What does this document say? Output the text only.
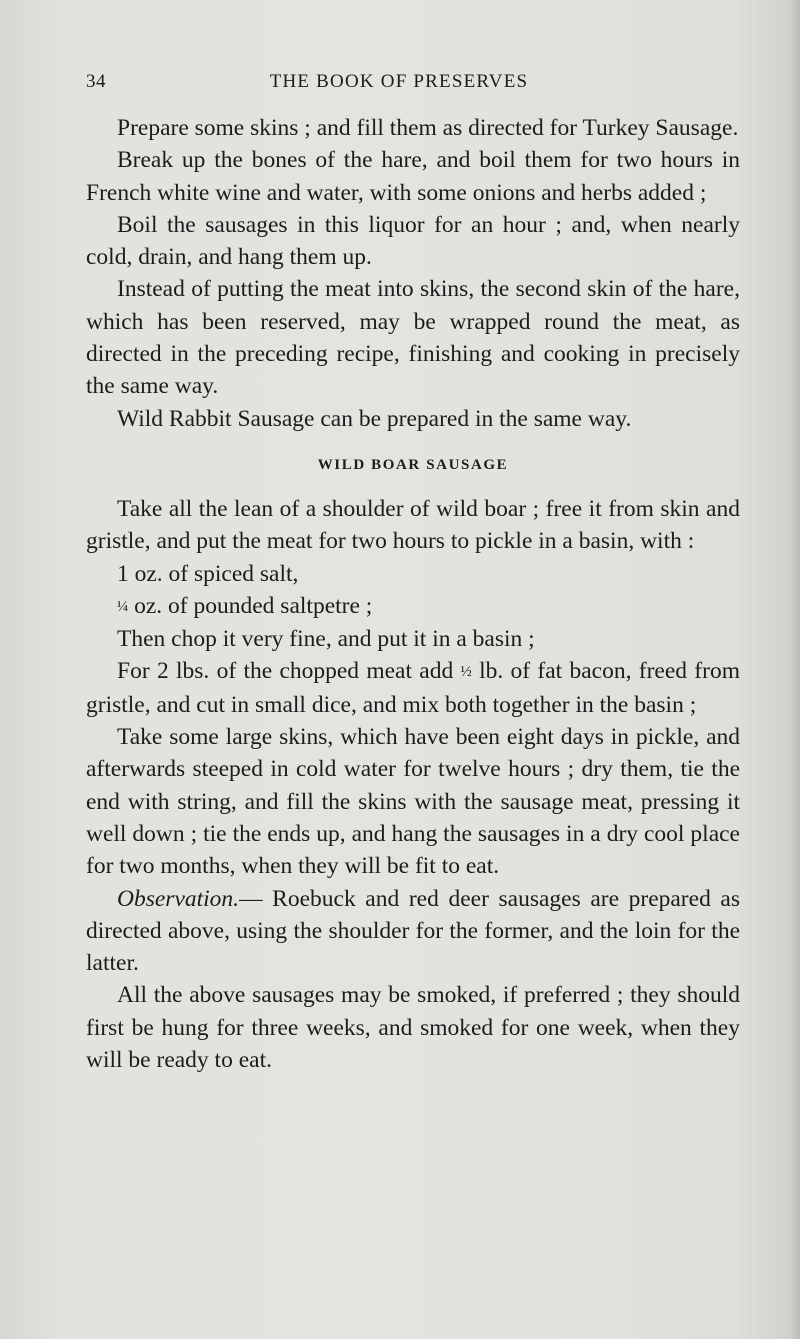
34	THE BOOK OF PRESERVES

Prepare some skins ; and fill them as directed for Turkey Sausage.

Break up the bones of the hare, and boil them for two hours in French white wine and water, with some onions and herbs added ;

Boil the sausages in this liquor for an hour ; and, when nearly cold, drain, and hang them up.

Instead of putting the meat into skins, the second skin of the hare, which has been reserved, may be wrapped round the meat, as directed in the preceding recipe, finishing and cooking in precisely the same way.

Wild Rabbit Sausage can be prepared in the same way.

WILD BOAR SAUSAGE

Take all the lean of a shoulder of wild boar ; free it from skin and gristle, and put the meat for two hours to pickle in a basin, with :

1 oz. of spiced salt,

¼ oz. of pounded saltpetre ;

Then chop it very fine, and put it in a basin ;

For 2 lbs. of the chopped meat add ½ lb. of fat bacon, freed from gristle, and cut in small dice, and mix both together in the basin ;

Take some large skins, which have been eight days in pickle, and afterwards steeped in cold water for twelve hours ; dry them, tie the end with string, and fill the skins with the sausage meat, pressing it well down ; tie the ends up, and hang the sausages in a dry cool place for two months, when they will be fit to eat.

Observation.— Roebuck and red deer sausages are prepared as directed above, using the shoulder for the former, and the loin for the latter.

All the above sausages may be smoked, if preferred ; they should first be hung for three weeks, and smoked for one week, when they will be ready to eat.
